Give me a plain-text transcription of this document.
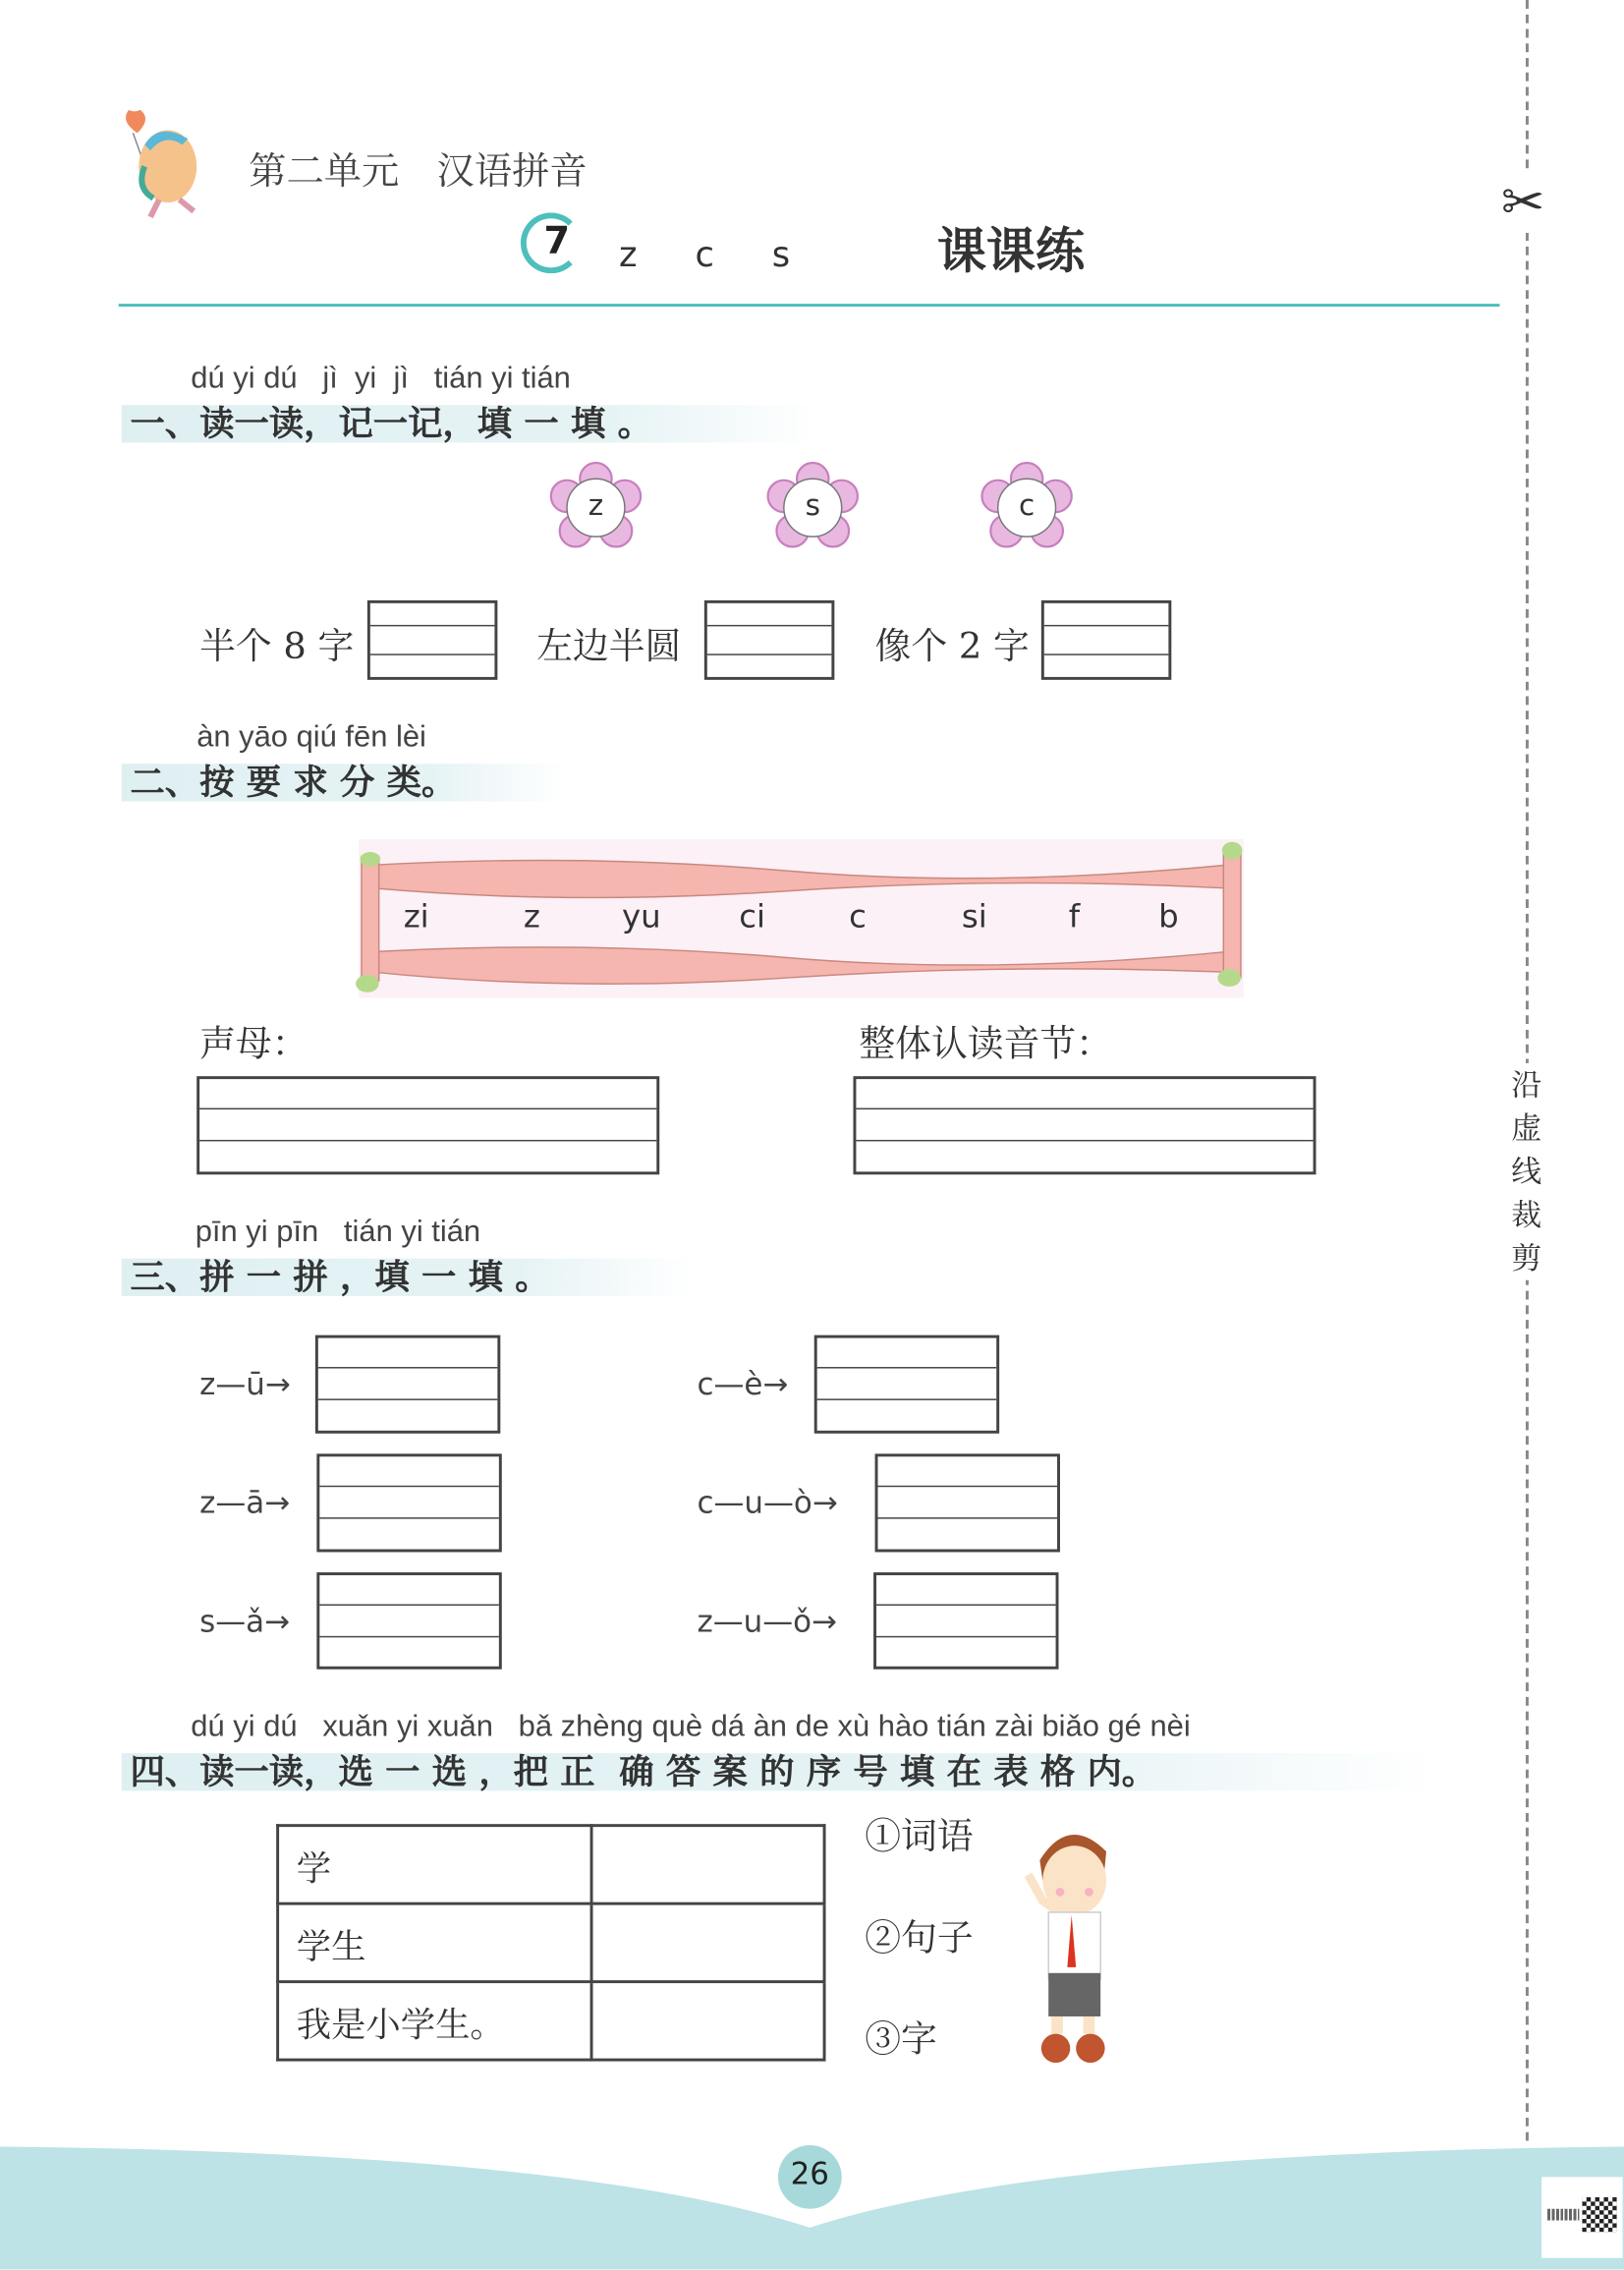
✂
沿虚线裁剪
第二单元　汉语拼音
7 z　c　s	课课练
dú yi dú   jì  yi  jì   tián yi tián
一、读一读，记一记，填 一 填 。
z	s	c
半个 8 字	左边半圆	像个 2 字
àn yāo qiú fēn lèi
二、按 要 求 分 类。
zi	z	yu	ci	c	si	f	b
声母：	整体认读音节：
pīn yi pīn   tián yi tián
三、拼 一 拼 ，填 一 填 。
z—ū→
z—ā→
s—ǎ→
c—è→
c—u—ò→
z—u—ǒ→
dú yi dú   xuǎn yi xuǎn   bǎ zhèng què dá àn de xù hào tián zài biǎo gé nèi
四、读一读，选 一 选 ，把 正  确 答 案 的 序 号 填 在 表 格 内。
学	
学生	
我是小学生。	
①词语
②句子
③字
26
